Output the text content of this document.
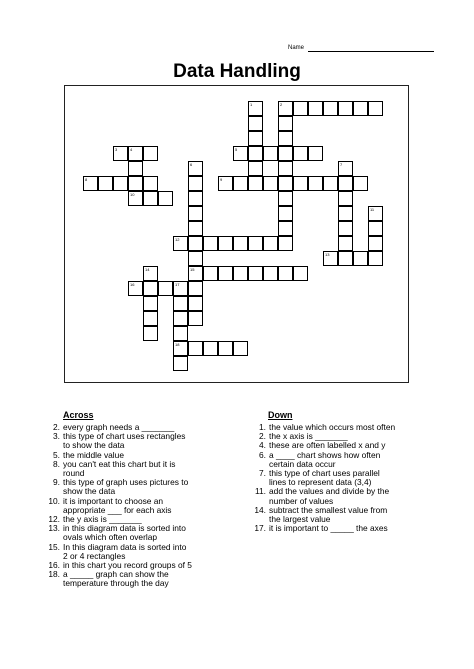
Name
Data Handling
1	2
3	4	5
6
15
8	9
7
10
11
12
13
14
16	17
18
Across	Down
2. every graph needs a _______
3. this type of chart uses rectangles
to show the data
5. the middle value
8. you can't eat this chart but it is
round
9. this type of graph uses pictures to
show the data
10. it is important to choose an
appropriate ___ for each axis
12. the y axis is _______
13. in this diagram data is sorted into
ovals which often overlap
15. In this diagram data is sorted into
2 or 4 rectangles
16. in this chart you record groups of 5
18. a _____ graph can show the
temperature through the day
1. the value which occurs most often
2. the x axis is _______
4. these are often labelled x and y
6. a ____ chart shows how often
certain data occur
7. this type of chart uses parallel
lines to represent data (3,4)
11. add the values and divide by the
number of values
14. subtract the smallest value from
the largest value
17. it is important to _____ the axes
